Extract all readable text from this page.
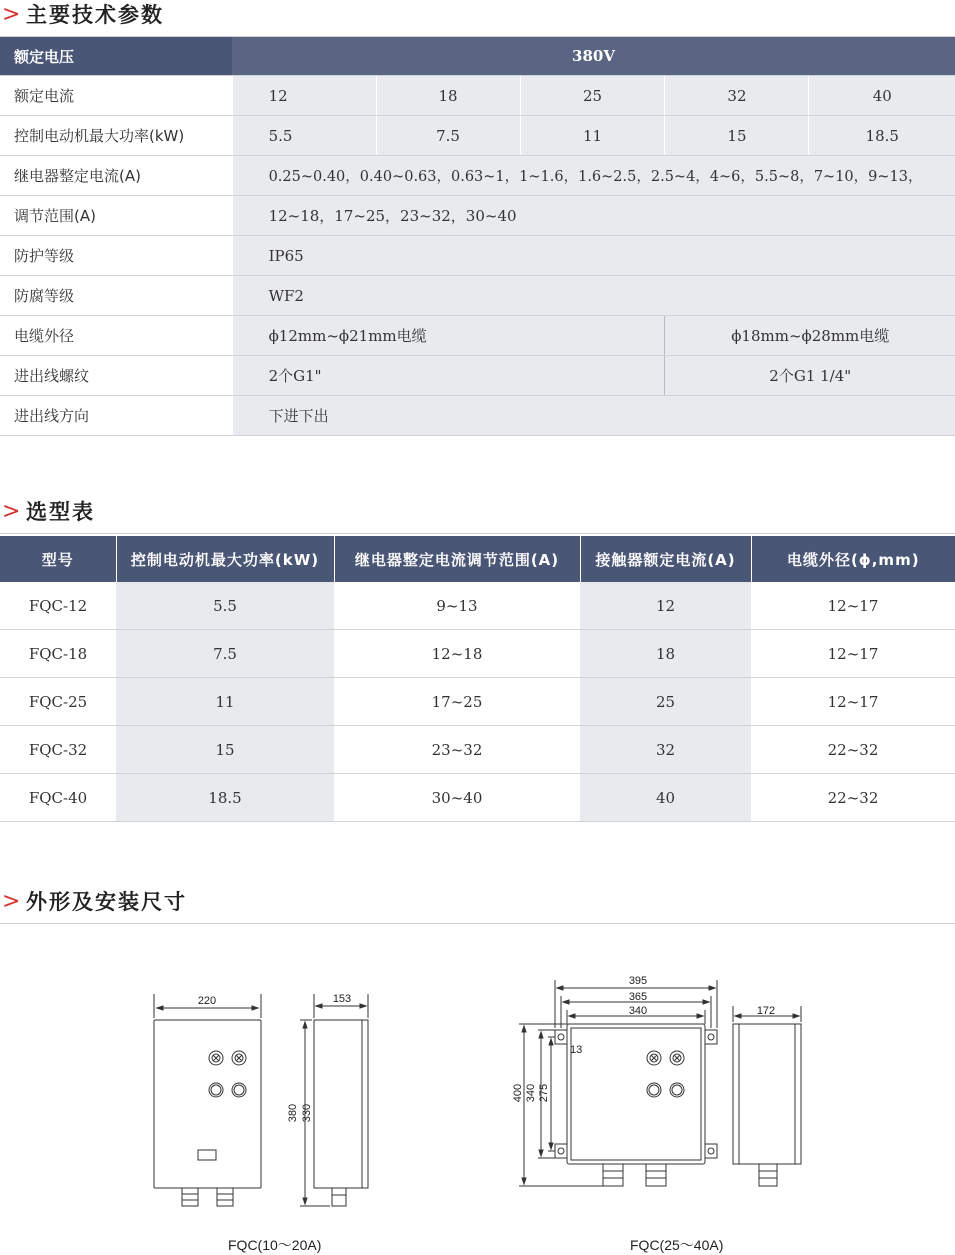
> 主要技术参数
额定电压	380V				
额定电流	12	18	25	32	40
控制电动机最大功率(kW)	5.5	7.5	11	15	18.5
继电器整定电流(A)	0.25~0.40，0.40~0.63，0.63~1，1~1.6，1.6~2.5，2.5~4，4~6，5.5~8，7~10，9~13，				
调节范围(A)	12~18，17~25，23~32，30~40				
防护等级	IP65				
防腐等级	WF2				
电缆外径	ϕ12mm~ϕ21mm电缆			ϕ18mm~ϕ28mm电缆	
进出线螺纹	2个G1"			2个G1 1/4"	
进出线方向	下进下出				
> 选型表
型号	控制电动机最大功率(kW)	继电器整定电流调节范围(A)	接触器额定电流(A)	电缆外径(ϕ,mm)
FQC-12	5.5	9~13	12	12~17
FQC-18	7.5	12~18	18	12~17
FQC-25	11	17~25	25	12~17
FQC-32	15	23~32	32	22~32
FQC-40	18.5	30~40	40	22~32
> 外形及安装尺寸
220	153
380 330
395
365
340
13
400 340 275
172
FQC(10～20A)	FQC(25～40A)
